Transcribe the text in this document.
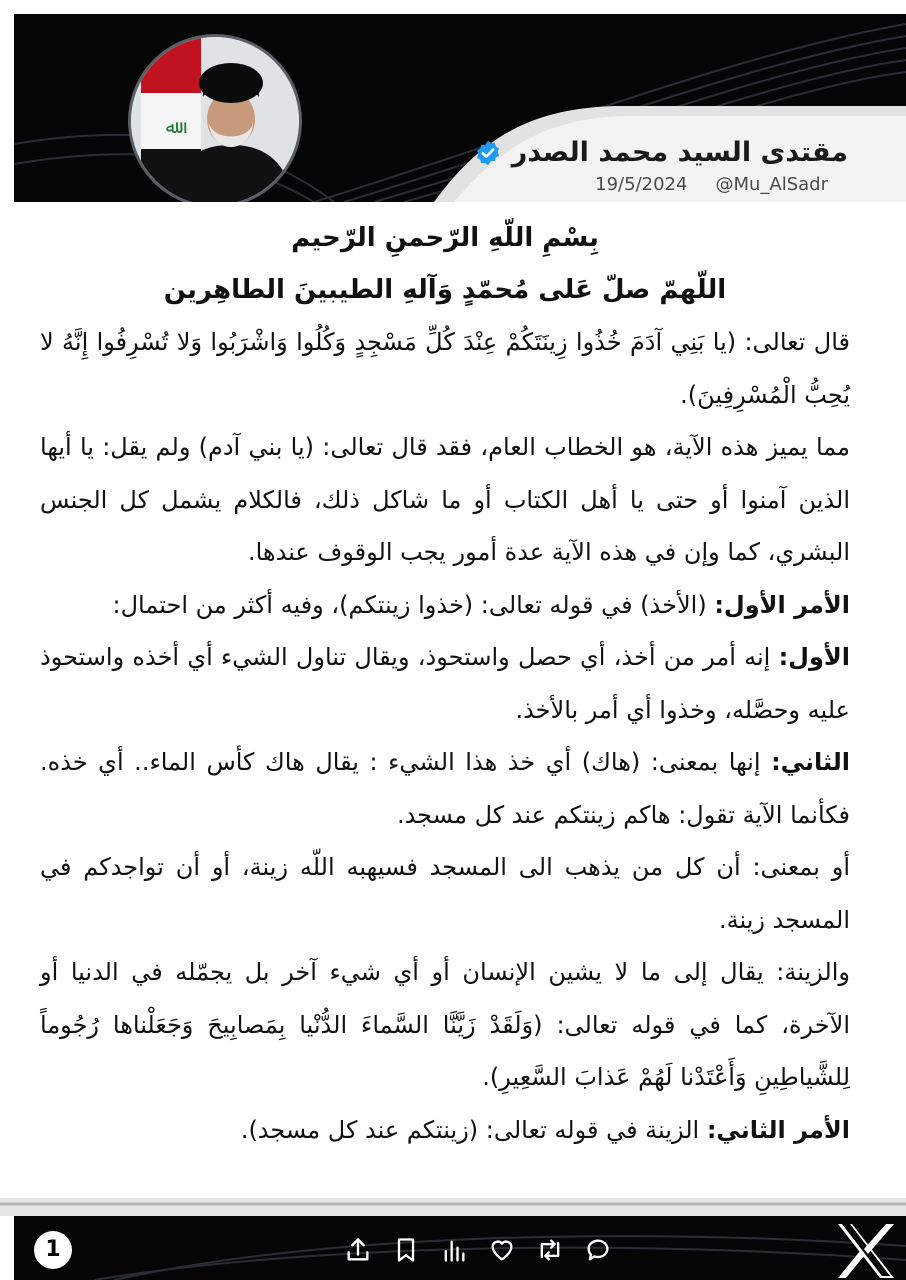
ﷲ
مقتدى السيد محمد الصدر
19/5/2024 @Mu_AlSadr

بِسْمِ اللّهِ الرّحمنِ الرّحيم

اللّهمّ صلّ عَلى مُحمّدٍ وَآلهِ الطيبينَ الطاهِرين

قال تعالى: (يا بَنِي آدَمَ خُذُوا زِينَتَكُمْ عِنْدَ كُلِّ مَسْجِدٍ وَكُلُوا وَاشْرَبُوا وَلا تُسْرِفُوا إِنَّهُ لا يُحِبُّ الْمُسْرِفِينَ).

مما يميز هذه الآية، هو الخطاب العام، فقد قال تعالى: (يا بني آدم) ولم يقل: يا أيها الذين آمنوا أو حتى يا أهل الكتاب أو ما شاكل ذلك، فالكلام يشمل كل الجنس البشري، كما وإن في هذه الآية عدة أمور يجب الوقوف عندها.

الأمر الأول: (الأخذ) في قوله تعالى: (خذوا زينتكم)، وفيه أكثر من احتمال:

الأول: إنه أمر من أخذ، أي حصل واستحوذ، ويقال تناول الشيء أي أخذه واستحوذ عليه وحصَّله، وخذوا أي أمر بالأخذ.

الثاني: إنها بمعنى: (هاك) أي خذ هذا الشيء : يقال هاك كأس الماء.. أي خذه. فكأنما الآية تقول: هاكم زينتكم عند كل مسجد.

أو بمعنى: أن كل من يذهب الى المسجد فسيهبه اللّه زينة، أو أن تواجدكم في المسجد زينة.

والزينة: يقال إلى ما لا يشين الإنسان أو أي شيء آخر بل يجمّله في الدنيا أو الآخرة، كما في قوله تعالى: (وَلَقَدْ زَيَّنَّا السَّماءَ الدُّنْيا بِمَصابِيحَ وَجَعَلْناها رُجُوماً لِلشَّياطِينِ وَأَعْتَدْنا لَهُمْ عَذابَ السَّعِيرِ).

الأمر الثاني: الزينة في قوله تعالى: (زينتكم عند كل مسجد).

1
